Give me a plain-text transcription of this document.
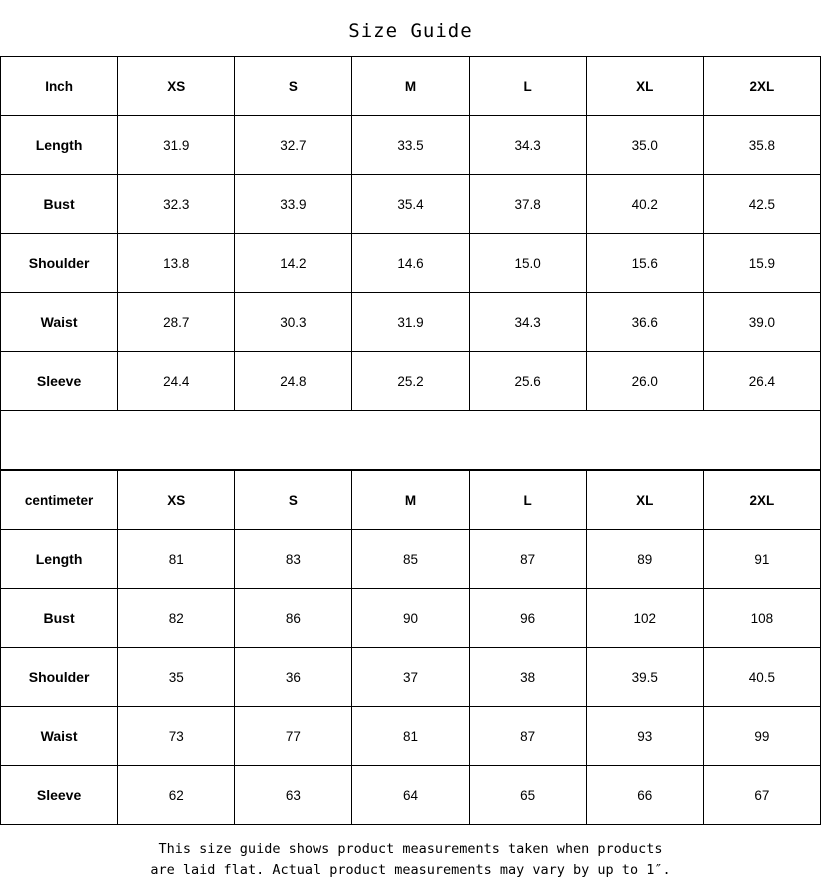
Size Guide
Inch	XS	S	M	L	XL	2XL
Length	31.9	32.7	33.5	34.3	35.0	35.8
Bust	32.3	33.9	35.4	37.8	40.2	42.5
Shoulder	13.8	14.2	14.6	15.0	15.6	15.9
Waist	28.7	30.3	31.9	34.3	36.6	39.0
Sleeve	24.4	24.8	25.2	25.6	26.0	26.4

centimeter	XS	S	M	L	XL	2XL
Length	81	83	85	87	89	91
Bust	82	86	90	96	102	108
Shoulder	35	36	37	38	39.5	40.5
Waist	73	77	81	87	93	99
Sleeve	62	63	64	65	66	67
This size guide shows product measurements taken when products
are laid flat. Actual product measurements may vary by up to 1″.
